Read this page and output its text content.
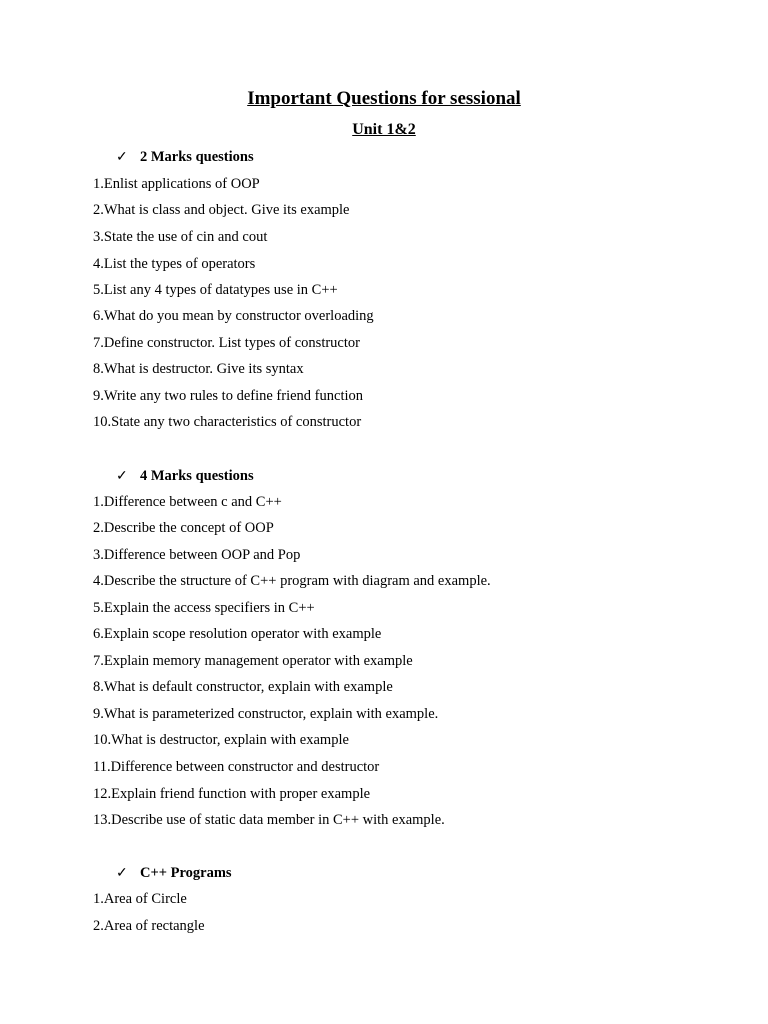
Important Questions for sessional
Unit 1&2
✓ 2 Marks questions
1.Enlist applications of OOP
2.What is class and object. Give its example
3.State the use of cin and cout
4.List the types of operators
5.List any 4 types of datatypes use in C++
6.What do you mean by constructor overloading
7.Define constructor. List types of constructor
8.What is destructor. Give its syntax
9.Write any two rules to define friend function
10.State any two characteristics of constructor
✓ 4 Marks questions
1.Difference between c and C++
2.Describe the concept of OOP
3.Difference between OOP and Pop
4.Describe the structure of C++ program with diagram and example.
5.Explain the access specifiers in C++
6.Explain scope resolution operator with example
7.Explain memory management operator with example
8.What is default constructor, explain with example
9.What is parameterized constructor, explain with example.
10.What is destructor, explain with example
11.Difference between constructor and destructor
12.Explain friend function with proper example
13.Describe use of static data member in C++ with example.
✓ C++ Programs
1.Area of Circle
2.Area of rectangle
